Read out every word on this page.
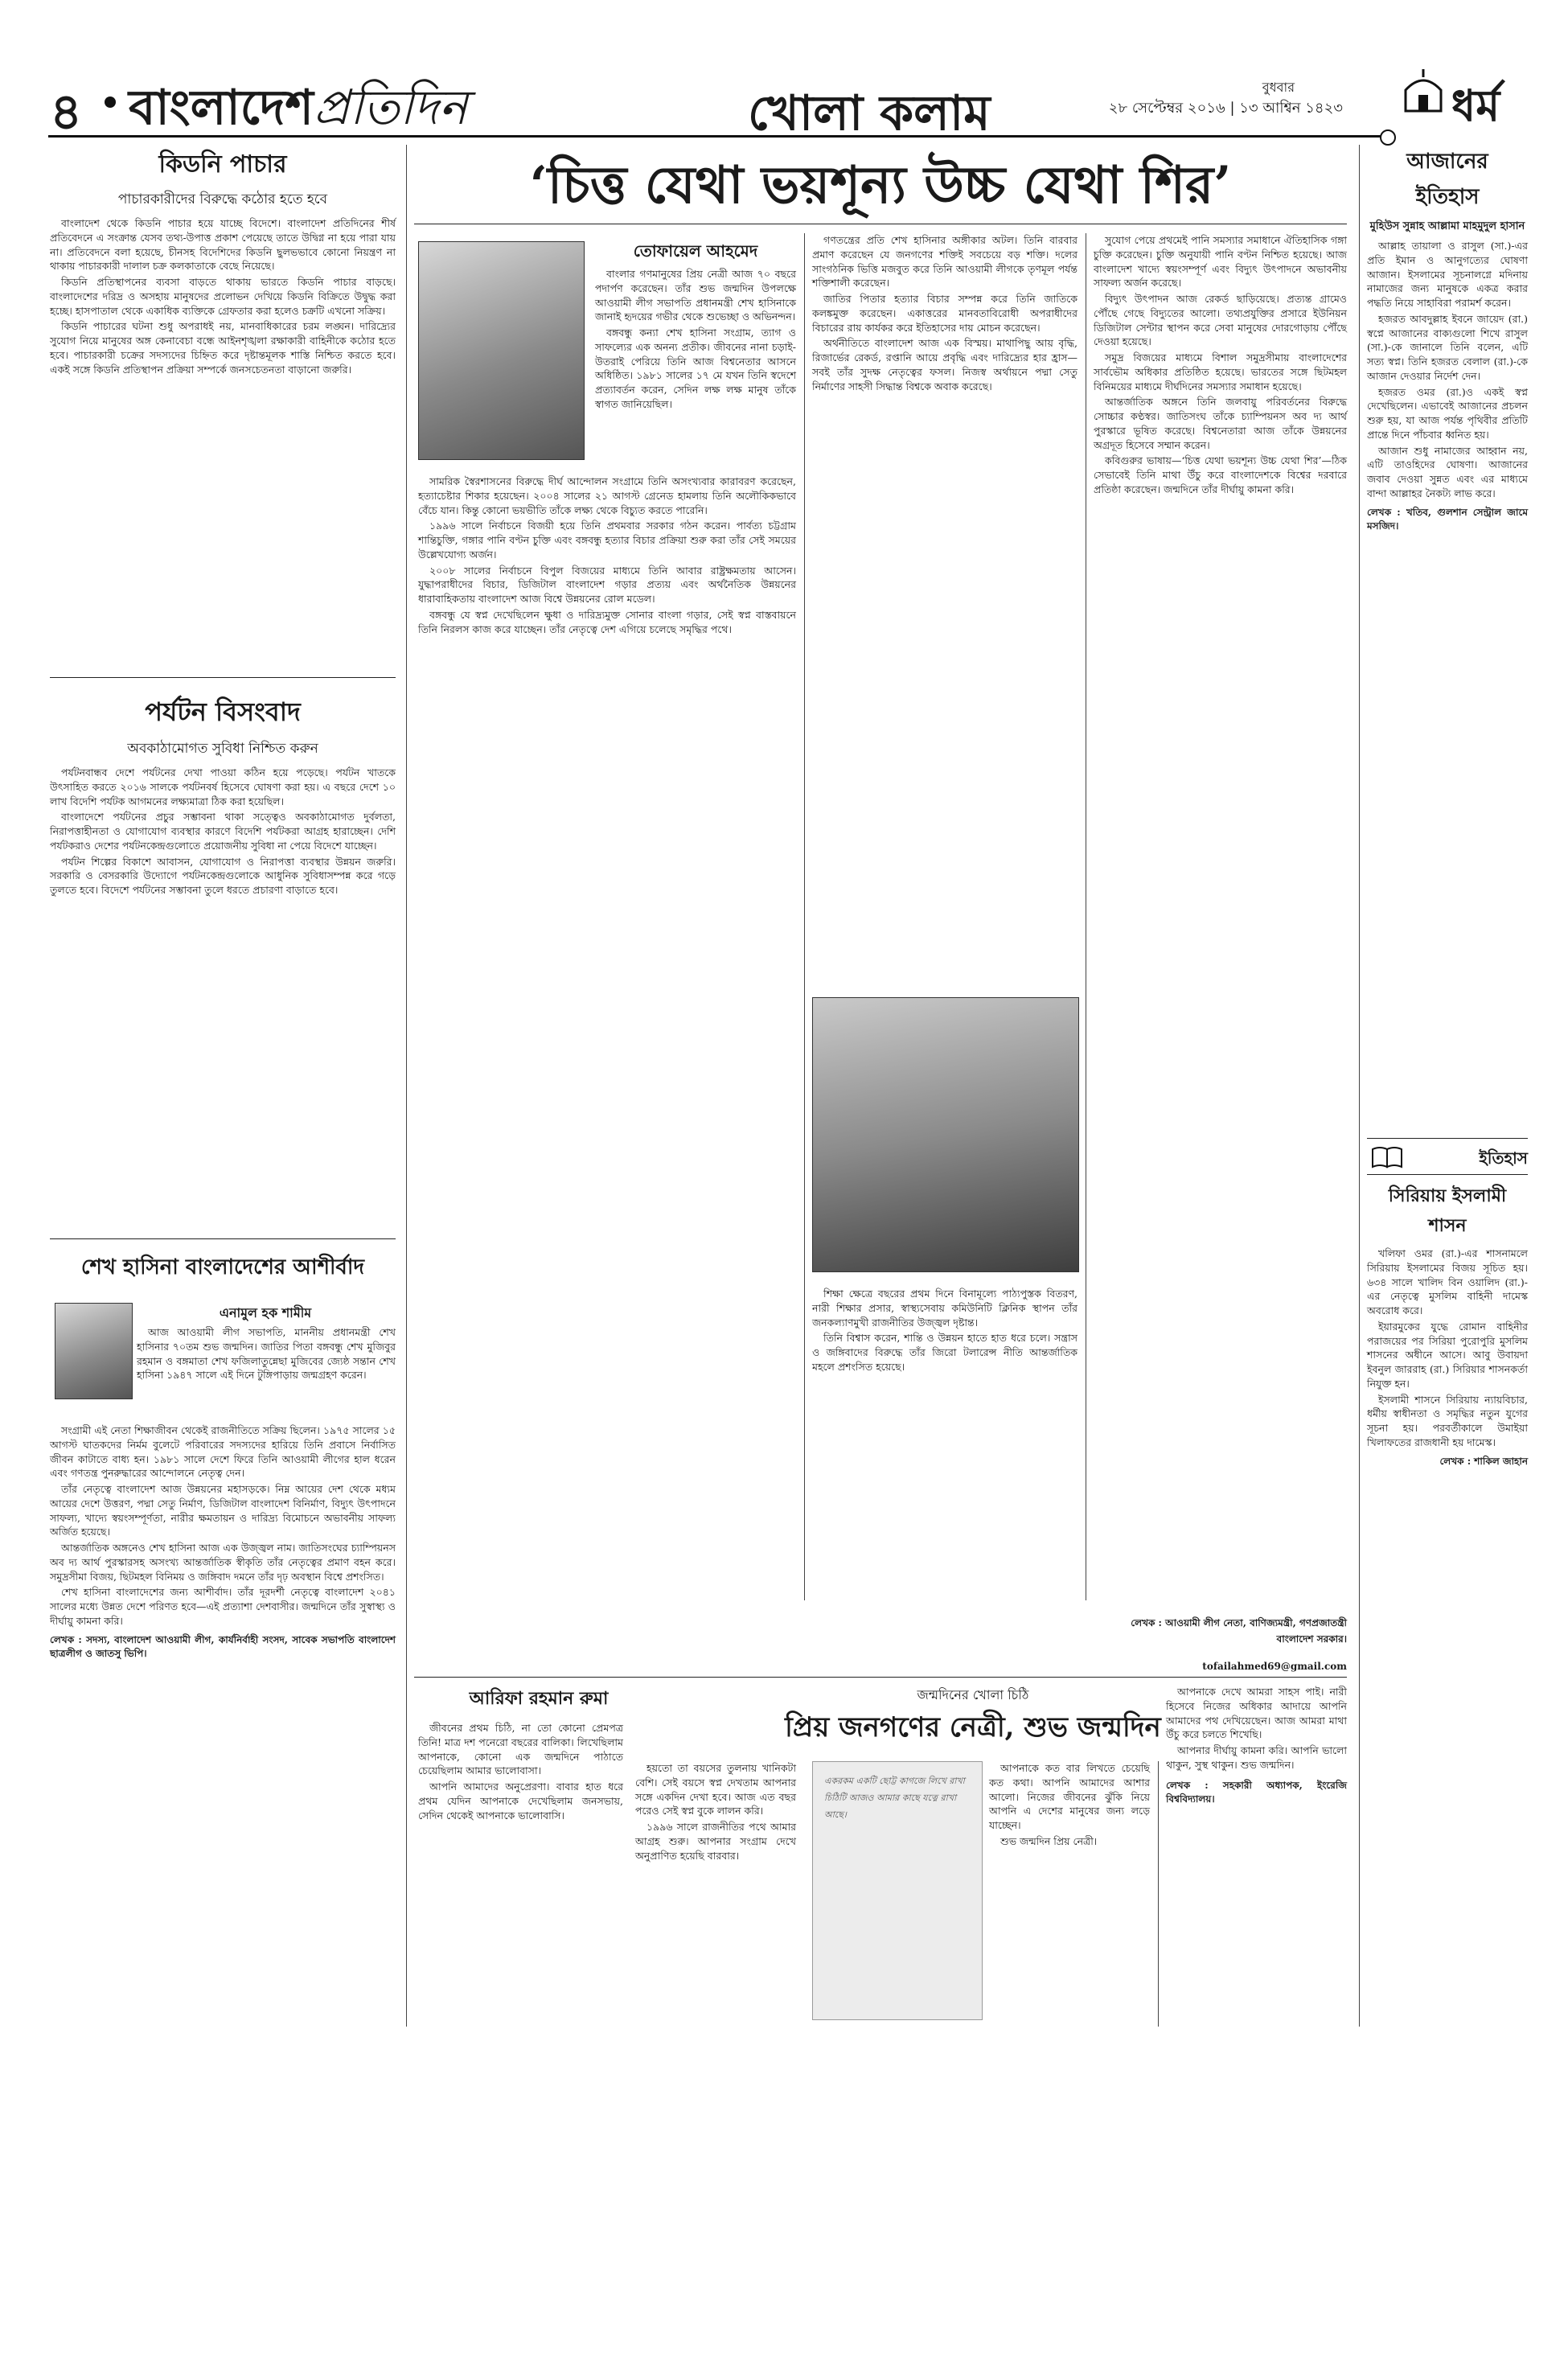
৪ বাংলাদেশপ্রতিদিন	খোলা কলাম	বুধবার
২৮ সেপ্টেম্বর ২০১৬ | ১৩ আশ্বিন ১৪২৩	ধর্ম
কিডনি পাচার
পাচারকারীদের বিরুদ্ধে কঠোর হতে হবে

বাংলাদেশ থেকে কিডনি পাচার হয়ে যাচ্ছে বিদেশে। বাংলাদেশ প্রতিদিনের শীর্ষ প্রতিবেদনে এ সংক্রান্ত যেসব তথ্য-উপাত্ত প্রকাশ পেয়েছে তাতে উদ্বিগ্ন না হয়ে পারা যায় না। প্রতিবেদনে বলা হয়েছে, চীনসহ বিদেশিদের কিডনি ছুলভভাবে কোনো নিয়ন্ত্রণ না থাকায় পাচারকারী দালাল চক্র কলকাতাকে বেছে নিয়েছে।

কিডনি প্রতিস্থাপনের ব্যবসা বাড়তে থাকায় ভারতে কিডনি পাচার বাড়ছে। বাংলাদেশের দরিদ্র ও অসহায় মানুষদের প্রলোভন দেখিয়ে কিডনি বিক্রিতে উদ্বুদ্ধ করা হচ্ছে। হাসপাতাল থেকে একাধিক ব্যক্তিকে গ্রেফতার করা হলেও চক্রটি এখনো সক্রিয়।

কিডনি পাচারের ঘটনা শুধু অপরাধই নয়, মানবাধিকারের চরম লঙ্ঘন। দারিদ্র্যের সুযোগ নিয়ে মানুষের অঙ্গ কেনাবেচা বন্ধে আইনশৃঙ্খলা রক্ষাকারী বাহিনীকে কঠোর হতে হবে। পাচারকারী চক্রের সদস্যদের চিহ্নিত করে দৃষ্টান্তমূলক শাস্তি নিশ্চিত করতে হবে। একই সঙ্গে কিডনি প্রতিস্থাপন প্রক্রিয়া সম্পর্কে জনসচেতনতা বাড়ানো জরুরি।

পর্যটন বিসংবাদ
অবকাঠামোগত সুবিধা নিশ্চিত করুন

পর্যটনবান্ধব দেশে পর্যটনের দেখা পাওয়া কঠিন হয়ে পড়েছে। পর্যটন খাতকে উৎসাহিত করতে ২০১৬ সালকে পর্যটনবর্ষ হিসেবে ঘোষণা করা হয়। এ বছরে দেশে ১০ লাখ বিদেশি পর্যটক আগমনের লক্ষ্যমাত্রা ঠিক করা হয়েছিল।

বাংলাদেশে পর্যটনের প্রচুর সম্ভাবনা থাকা সত্ত্বেও অবকাঠামোগত দুর্বলতা, নিরাপত্তাহীনতা ও যোগাযোগ ব্যবস্থার কারণে বিদেশি পর্যটকরা আগ্রহ হারাচ্ছেন। দেশি পর্যটকরাও দেশের পর্যটনকেন্দ্রগুলোতে প্রয়োজনীয় সুবিধা না পেয়ে বিদেশে যাচ্ছেন।

পর্যটন শিল্পের বিকাশে আবাসন, যোগাযোগ ও নিরাপত্তা ব্যবস্থার উন্নয়ন জরুরি। সরকারি ও বেসরকারি উদ্যোগে পর্যটনকেন্দ্রগুলোকে আধুনিক সুবিধাসম্পন্ন করে গড়ে তুলতে হবে। বিদেশে পর্যটনের সম্ভাবনা তুলে ধরতে প্রচারণা বাড়াতে হবে।

শেখ হাসিনা বাংলাদেশের আশীর্বাদ
এনামুল হক শামীম

আজ আওয়ামী লীগ সভাপতি, মাননীয় প্রধানমন্ত্রী শেখ হাসিনার ৭০তম শুভ জন্মদিন। জাতির পিতা বঙ্গবন্ধু শেখ মুজিবুর রহমান ও বঙ্গমাতা শেখ ফজিলাতুন্নেছা মুজিবের জ্যেষ্ঠ সন্তান শেখ হাসিনা ১৯৪৭ সালে এই দিনে টুঙ্গিপাড়ায় জন্মগ্রহণ করেন।

সংগ্রামী এই নেতা শিক্ষাজীবন থেকেই রাজনীতিতে সক্রিয় ছিলেন। ১৯৭৫ সালের ১৫ আগস্ট ঘাতকদের নির্মম বুলেটে পরিবারের সদস্যদের হারিয়ে তিনি প্রবাসে নির্বাসিত জীবন কাটাতে বাধ্য হন। ১৯৮১ সালে দেশে ফিরে তিনি আওয়ামী লীগের হাল ধরেন এবং গণতন্ত্র পুনরুদ্ধারের আন্দোলনে নেতৃত্ব দেন।

তাঁর নেতৃত্বে বাংলাদেশ আজ উন্নয়নের মহাসড়কে। নিম্ন আয়ের দেশ থেকে মধ্যম আয়ের দেশে উত্তরণ, পদ্মা সেতু নির্মাণ, ডিজিটাল বাংলাদেশ বিনির্মাণ, বিদ্যুৎ উৎপাদনে সাফল্য, খাদ্যে স্বয়ংসম্পূর্ণতা, নারীর ক্ষমতায়ন ও দারিদ্র্য বিমোচনে অভাবনীয় সাফল্য অর্জিত হয়েছে।

আন্তর্জাতিক অঙ্গনেও শেখ হাসিনা আজ এক উজ্জ্বল নাম। জাতিসংঘের চ্যাম্পিয়নস অব দ্য আর্থ পুরস্কারসহ অসংখ্য আন্তর্জাতিক স্বীকৃতি তাঁর নেতৃত্বের প্রমাণ বহন করে। সমুদ্রসীমা বিজয়, ছিটমহল বিনিময় ও জঙ্গিবাদ দমনে তাঁর দৃঢ় অবস্থান বিশ্বে প্রশংসিত।

শেখ হাসিনা বাংলাদেশের জন্য আশীর্বাদ। তাঁর দূরদর্শী নেতৃত্বে বাংলাদেশ ২০৪১ সালের মধ্যে উন্নত দেশে পরিণত হবে—এই প্রত্যাশা দেশবাসীর। জন্মদিনে তাঁর সুস্বাস্থ্য ও দীর্ঘায়ু কামনা করি।

লেখক : সদস্য, বাংলাদেশ আওয়ামী লীগ, কার্যনির্বাহী সংসদ, সাবেক সভাপতি বাংলাদেশ ছাত্রলীগ ও জাতসু ভিপি।

‘চিত্ত যেথা ভয়শূন্য উচ্চ যেথা শির’
তোফায়েল আহমেদ

বাংলার গণমানুষের প্রিয় নেত্রী আজ ৭০ বছরে পদার্পণ করেছেন। তাঁর শুভ জন্মদিন উপলক্ষে আওয়ামী লীগ সভাপতি প্রধানমন্ত্রী শেখ হাসিনাকে জানাই হৃদয়ের গভীর থেকে শুভেচ্ছা ও অভিনন্দন।

বঙ্গবন্ধু কন্যা শেখ হাসিনা সংগ্রাম, ত্যাগ ও সাফল্যের এক অনন্য প্রতীক। জীবনের নানা চড়াই-উতরাই পেরিয়ে তিনি আজ বিশ্বনেতার আসনে অধিষ্ঠিত। ১৯৮১ সালের ১৭ মে যখন তিনি স্বদেশে প্রত্যাবর্তন করেন, সেদিন লক্ষ লক্ষ মানুষ তাঁকে স্বাগত জানিয়েছিল।

সামরিক স্বৈরশাসনের বিরুদ্ধে দীর্ঘ আন্দোলন সংগ্রামে তিনি অসংখ্যবার কারাবরণ করেছেন, হত্যাচেষ্টার শিকার হয়েছেন। ২০০৪ সালের ২১ আগস্ট গ্রেনেড হামলায় তিনি অলৌকিকভাবে বেঁচে যান। কিন্তু কোনো ভয়ভীতি তাঁকে লক্ষ্য থেকে বিচ্যুত করতে পারেনি।

১৯৯৬ সালে নির্বাচনে বিজয়ী হয়ে তিনি প্রথমবার সরকার গঠন করেন। পার্বত্য চট্টগ্রাম শান্তিচুক্তি, গঙ্গার পানি বণ্টন চুক্তি এবং বঙ্গবন্ধু হত্যার বিচার প্রক্রিয়া শুরু করা তাঁর সেই সময়ের উল্লেখযোগ্য অর্জন।

২০০৮ সালের নির্বাচনে বিপুল বিজয়ের মাধ্যমে তিনি আবার রাষ্ট্রক্ষমতায় আসেন। যুদ্ধাপরাধীদের বিচার, ডিজিটাল বাংলাদেশ গড়ার প্রত্যয় এবং অর্থনৈতিক উন্নয়নের ধারাবাহিকতায় বাংলাদেশ আজ বিশ্বে উন্নয়নের রোল মডেল।

বঙ্গবন্ধু যে স্বপ্ন দেখেছিলেন ক্ষুধা ও দারিদ্র্যমুক্ত সোনার বাংলা গড়ার, সেই স্বপ্ন বাস্তবায়নে তিনি নিরলস কাজ করে যাচ্ছেন। তাঁর নেতৃত্বে দেশ এগিয়ে চলেছে সমৃদ্ধির পথে।

গণতন্ত্রের প্রতি শেখ হাসিনার অঙ্গীকার অটল। তিনি বারবার প্রমাণ করেছেন যে জনগণের শক্তিই সবচেয়ে বড় শক্তি। দলের সাংগঠনিক ভিত্তি মজবুত করে তিনি আওয়ামী লীগকে তৃণমূল পর্যন্ত শক্তিশালী করেছেন।

জাতির পিতার হত্যার বিচার সম্পন্ন করে তিনি জাতিকে কলঙ্কমুক্ত করেছেন। একাত্তরের মানবতাবিরোধী অপরাধীদের বিচারের রায় কার্যকর করে ইতিহাসের দায় মোচন করেছেন।

অর্থনীতিতে বাংলাদেশ আজ এক বিস্ময়। মাথাপিছু আয় বৃদ্ধি, রিজার্ভের রেকর্ড, রপ্তানি আয়ে প্রবৃদ্ধি এবং দারিদ্র্যের হার হ্রাস—সবই তাঁর সুদক্ষ নেতৃত্বের ফসল। নিজস্ব অর্থায়নে পদ্মা সেতু নির্মাণের সাহসী সিদ্ধান্ত বিশ্বকে অবাক করেছে।

শিক্ষা ক্ষেত্রে বছরের প্রথম দিনে বিনামূল্যে পাঠ্যপুস্তক বিতরণ, নারী শিক্ষার প্রসার, স্বাস্থ্যসেবায় কমিউনিটি ক্লিনিক স্থাপন তাঁর জনকল্যাণমুখী রাজনীতির উজ্জ্বল দৃষ্টান্ত।

তিনি বিশ্বাস করেন, শান্তি ও উন্নয়ন হাতে হাত ধরে চলে। সন্ত্রাস ও জঙ্গিবাদের বিরুদ্ধে তাঁর জিরো টলারেন্স নীতি আন্তর্জাতিক মহলে প্রশংসিত হয়েছে।

সুযোগ পেয়ে প্রথমেই পানি সমস্যার সমাধানে ঐতিহাসিক গঙ্গা চুক্তি করেছেন। চুক্তি অনুযায়ী পানি বণ্টন নিশ্চিত হয়েছে। আজ বাংলাদেশ খাদ্যে স্বয়ংসম্পূর্ণ এবং বিদ্যুৎ উৎপাদনে অভাবনীয় সাফল্য অর্জন করেছে।

বিদ্যুৎ উৎপাদন আজ রেকর্ড ছাড়িয়েছে। প্রত্যন্ত গ্রামেও পৌঁছে গেছে বিদ্যুতের আলো। তথ্যপ্রযুক্তির প্রসারে ইউনিয়ন ডিজিটাল সেন্টার স্থাপন করে সেবা মানুষের দোরগোড়ায় পৌঁছে দেওয়া হয়েছে।

সমুদ্র বিজয়ের মাধ্যমে বিশাল সমুদ্রসীমায় বাংলাদেশের সার্বভৌম অধিকার প্রতিষ্ঠিত হয়েছে। ভারতের সঙ্গে ছিটমহল বিনিময়ের মাধ্যমে দীর্ঘদিনের সমস্যার সমাধান হয়েছে।

আন্তর্জাতিক অঙ্গনে তিনি জলবায়ু পরিবর্তনের বিরুদ্ধে সোচ্চার কণ্ঠস্বর। জাতিসংঘ তাঁকে চ্যাম্পিয়নস অব দ্য আর্থ পুরস্কারে ভূষিত করেছে। বিশ্বনেতারা আজ তাঁকে উন্নয়নের অগ্রদূত হিসেবে সম্মান করেন।

কবিগুরুর ভাষায়—‘চিত্ত যেথা ভয়শূন্য উচ্চ যেথা শির’—ঠিক সেভাবেই তিনি মাথা উঁচু করে বাংলাদেশকে বিশ্বের দরবারে প্রতিষ্ঠা করেছেন। জন্মদিনে তাঁর দীর্ঘায়ু কামনা করি।

লেখক : আওয়ামী লীগ নেতা, বাণিজ্যমন্ত্রী, গণপ্রজাতন্ত্রী বাংলাদেশ সরকার।
tofailahmed69@gmail.com
আরিফা রহমান রুমা	জন্মদিনের খোলা চিঠি
প্রিয় জনগণের নেত্রী, শুভ জন্মদিন

জীবনের প্রথম চিঠি, না তো কোনো প্রেমপত্র তিনি! মাত্র দশ পনেরো বছরের বালিকা। লিখেছিলাম আপনাকে, কোনো এক জন্মদিনে পাঠাতে চেয়েছিলাম আমার ভালোবাসা।

আপনি আমাদের অনুপ্রেরণা। বাবার হাত ধরে প্রথম যেদিন আপনাকে দেখেছিলাম জনসভায়, সেদিন থেকেই আপনাকে ভালোবাসি।

হয়তো তা বয়সের তুলনায় খানিকটা বেশি। সেই বয়সে স্বপ্ন দেখতাম আপনার সঙ্গে একদিন দেখা হবে। আজ এত বছর পরেও সেই স্বপ্ন বুকে লালন করি।

১৯৯৬ সালে রাজনীতির পথে আমার আগ্রহ শুরু। আপনার সংগ্রাম দেখে অনুপ্রাণিত হয়েছি বারবার।

একরকম একটি ছোট্ট কাগজে লিখে রাখা চিঠিটি আজও আমার কাছে যত্নে রাখা আছে।

আপনাকে কত বার লিখতে চেয়েছি কত কথা। আপনি আমাদের আশার আলো। নিজের জীবনের ঝুঁকি নিয়ে আপনি এ দেশের মানুষের জন্য লড়ে যাচ্ছেন।

শুভ জন্মদিন প্রিয় নেত্রী।

আপনাকে দেখে আমরা সাহস পাই। নারী হিসেবে নিজের অধিকার আদায়ে আপনি আমাদের পথ দেখিয়েছেন। আজ আমরা মাথা উঁচু করে চলতে শিখেছি।

আপনার দীর্ঘায়ু কামনা করি। আপনি ভালো থাকুন, সুস্থ থাকুন। শুভ জন্মদিন।

লেখক : সহকারী অধ্যাপক, ইংরেজি বিশ্ববিদ্যালয়।

আজানের
ইতিহাস
মুহিউস সুন্নাহ আল্লামা মাহমুদুল হাসান

আল্লাহ তায়ালা ও রাসুল (সা.)-এর প্রতি ইমান ও আনুগত্যের ঘোষণা আজান। ইসলামের সূচনালগ্নে মদিনায় নামাজের জন্য মানুষকে একত্র করার পদ্ধতি নিয়ে সাহাবিরা পরামর্শ করেন।

হজরত আবদুল্লাহ ইবনে জায়েদ (রা.) স্বপ্নে আজানের বাক্যগুলো শিখে রাসুল (সা.)-কে জানালে তিনি বলেন, এটি সত্য স্বপ্ন। তিনি হজরত বেলাল (রা.)-কে আজান দেওয়ার নির্দেশ দেন।

হজরত ওমর (রা.)ও একই স্বপ্ন দেখেছিলেন। এভাবেই আজানের প্রচলন শুরু হয়, যা আজ পর্যন্ত পৃথিবীর প্রতিটি প্রান্তে দিনে পাঁচবার ধ্বনিত হয়।

আজান শুধু নামাজের আহ্বান নয়, এটি তাওহিদের ঘোষণা। আজানের জবাব দেওয়া সুন্নত এবং এর মাধ্যমে বান্দা আল্লাহর নৈকট্য লাভ করে।

লেখক : খতিব, গুলশান সেন্ট্রাল জামে মসজিদ।

ইতিহাস
সিরিয়ায় ইসলামী শাসন

খলিফা ওমর (রা.)-এর শাসনামলে সিরিয়ায় ইসলামের বিজয় সূচিত হয়। ৬৩৪ সালে খালিদ বিন ওয়ালিদ (রা.)-এর নেতৃত্বে মুসলিম বাহিনী দামেস্ক অবরোধ করে।

ইয়ারমুকের যুদ্ধে রোমান বাহিনীর পরাজয়ের পর সিরিয়া পুরোপুরি মুসলিম শাসনের অধীনে আসে। আবু উবায়দা ইবনুল জাররাহ (রা.) সিরিয়ার শাসনকর্তা নিযুক্ত হন।

ইসলামী শাসনে সিরিয়ায় ন্যায়বিচার, ধর্মীয় স্বাধীনতা ও সমৃদ্ধির নতুন যুগের সূচনা হয়। পরবর্তীকালে উমাইয়া খিলাফতের রাজধানী হয় দামেস্ক।

লেখক : শাকিল জাহান
